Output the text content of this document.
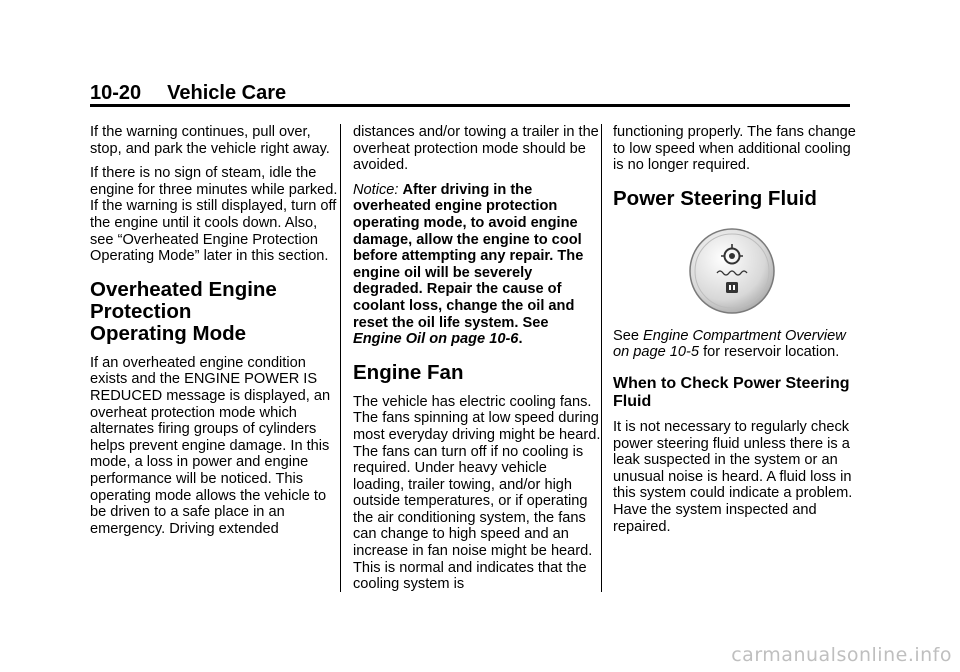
10-20 Vehicle Care

If the warning continues, pull over, stop, and park the vehicle right away.

If there is no sign of steam, idle the engine for three minutes while parked. If the warning is still displayed, turn off the engine until it cools down. Also, see “Overheated Engine Protection Operating Mode” later in this section.

Overheated Engine
Protection
Operating Mode

If an overheated engine condition exists and the ENGINE POWER IS REDUCED message is displayed, an overheat protection mode which alternates firing groups of cylinders helps prevent engine damage. In this mode, a loss in power and engine performance will be noticed. This operating mode allows the vehicle to be driven to a safe place in an emergency. Driving extended

distances and/or towing a trailer in the overheat protection mode should be avoided.

Notice: After driving in the overheated engine protection operating mode, to avoid engine damage, allow the engine to cool before attempting any repair. The engine oil will be severely degraded. Repair the cause of coolant loss, change the oil and reset the oil life system. See Engine Oil on page 10-6.

Engine Fan

The vehicle has electric cooling fans. The fans spinning at low speed during most everyday driving might be heard. The fans can turn off if no cooling is required. Under heavy vehicle loading, trailer towing, and/or high outside temperatures, or if operating the air conditioning system, the fans can change to high speed and an increase in fan noise might be heard. This is normal and indicates that the cooling system is

functioning properly. The fans change to low speed when additional cooling is no longer required.

Power Steering Fluid

See Engine Compartment Overview on page 10-5 for reservoir location.

When to Check Power Steering Fluid

It is not necessary to regularly check power steering fluid unless there is a leak suspected in the system or an unusual noise is heard. A fluid loss in this system could indicate a problem. Have the system inspected and repaired.

carmanualsonline.info
